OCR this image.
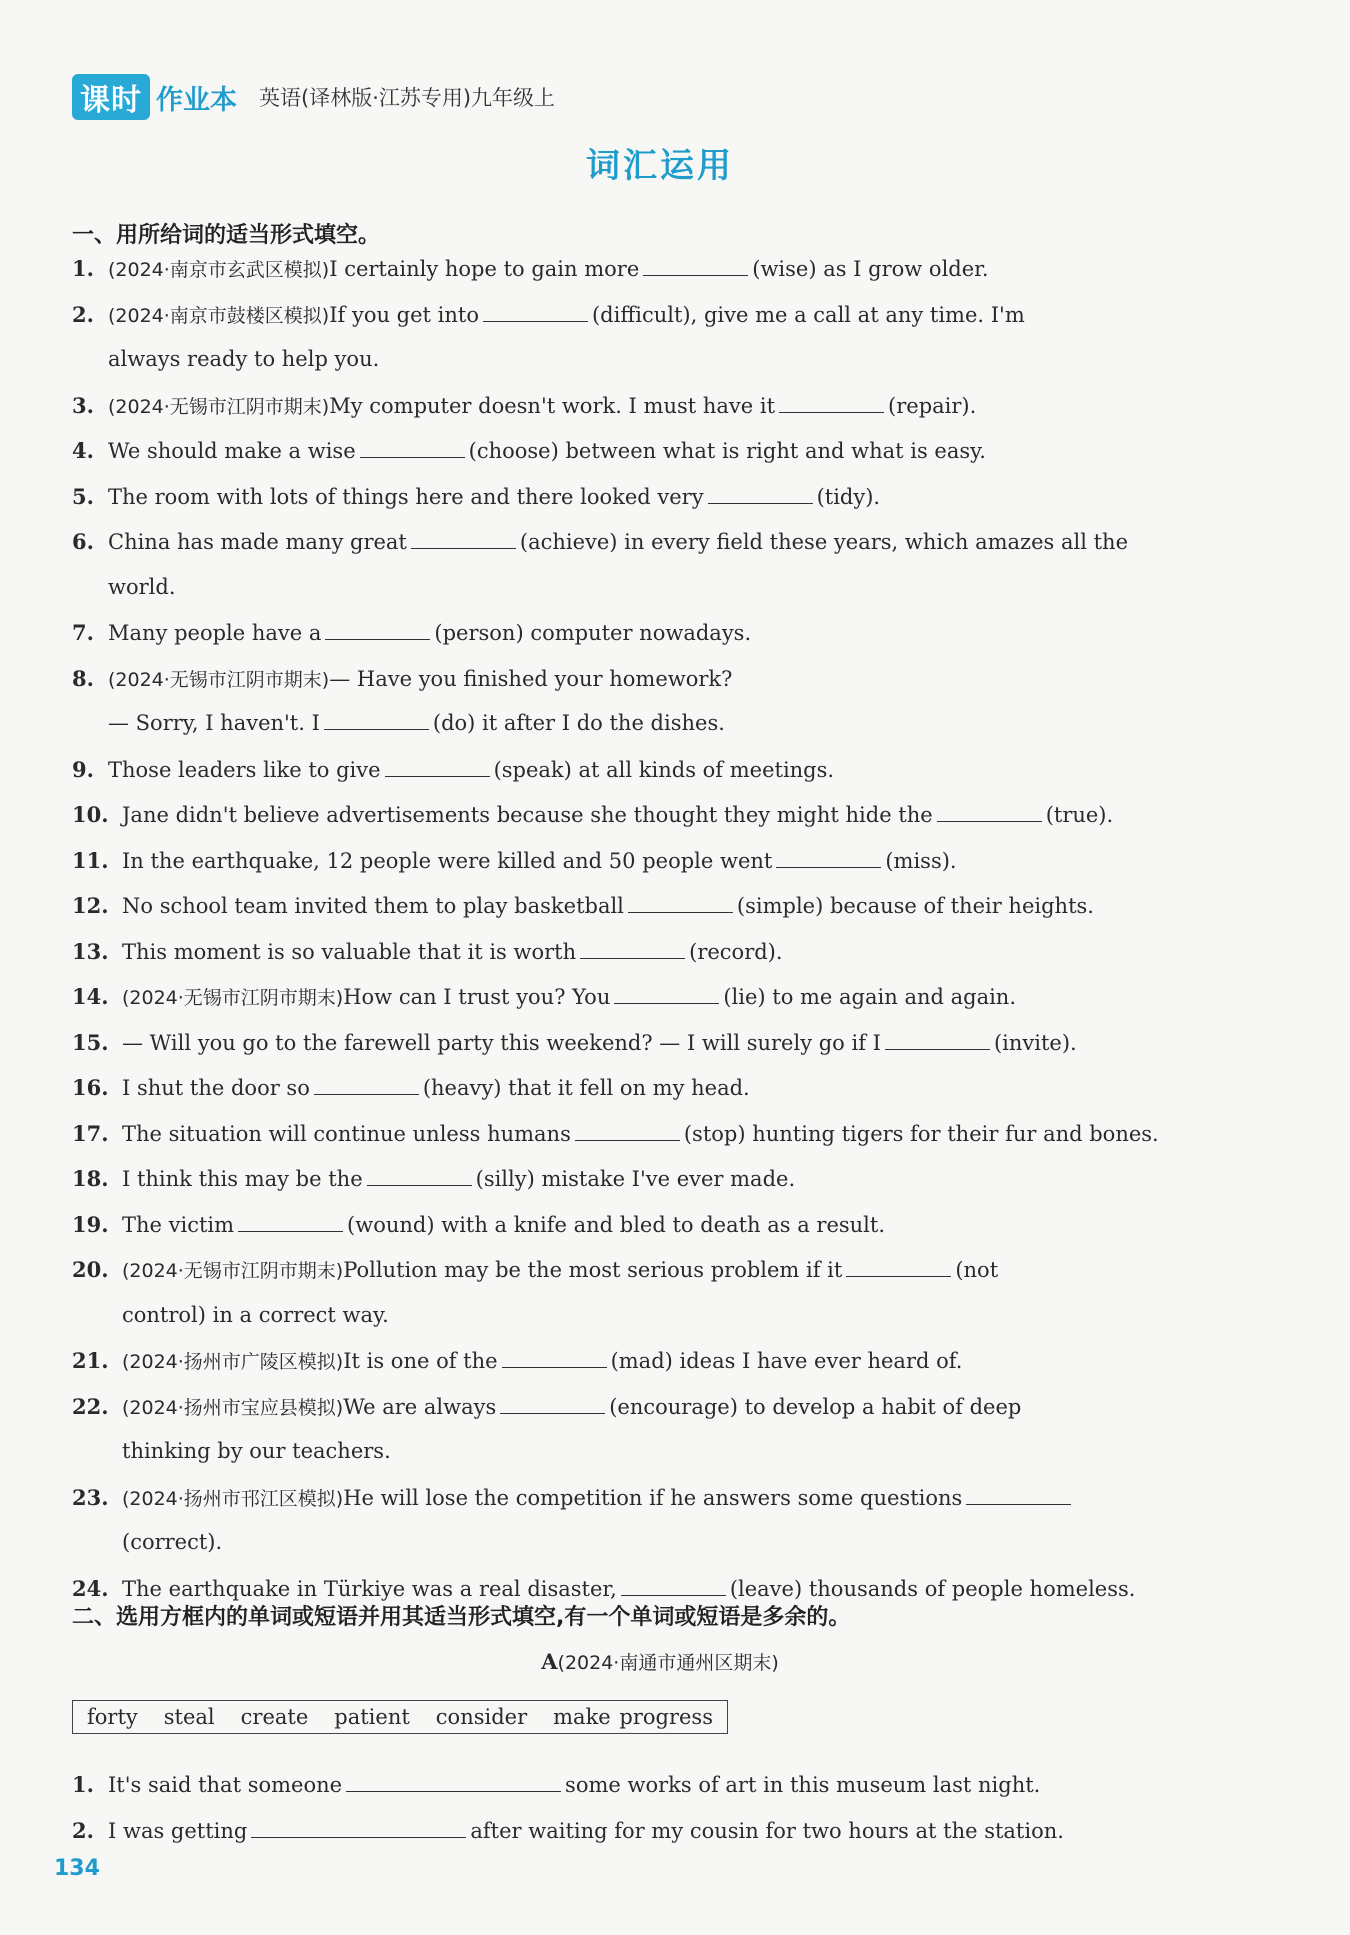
课时 作业本 英语(译林版·江苏专用)九年级上
词汇运用
一、用所给词的适当形式填空。
1. (2024·南京市玄武区模拟)I certainly hope to gain more	(wise) as I grow older.
2. (2024·南京市鼓楼区模拟)If you get into	(difficult), give me a call at any time. I'm
always ready to help you.
3. (2024·无锡市江阴市期末)My computer doesn't work. I must have it	(repair).
4. We should make a wise	(choose) between what is right and what is easy.
5. The room with lots of things here and there looked very	(tidy).
6. China has made many great	(achieve) in every field these years, which amazes all the
world.
7. Many people have a	(person) computer nowadays.
8. (2024·无锡市江阴市期末)— Have you finished your homework?
— Sorry, I haven't. I	(do) it after I do the dishes.
9. Those leaders like to give	(speak) at all kinds of meetings.
10. Jane didn't believe advertisements because she thought they might hide the	(true).
11. In the earthquake, 12 people were killed and 50 people went	(miss).
12. No school team invited them to play basketball	(simple) because of their heights.
13. This moment is so valuable that it is worth	(record).
14. (2024·无锡市江阴市期末)How can I trust you? You	(lie) to me again and again.
15. — Will you go to the farewell party this weekend? — I will surely go if I	(invite).
16. I shut the door so	(heavy) that it fell on my head.
17. The situation will continue unless humans	(stop) hunting tigers for their fur and bones.
18. I think this may be the	(silly) mistake I've ever made.
19. The victim	(wound) with a knife and bled to death as a result.
20. (2024·无锡市江阴市期末)Pollution may be the most serious problem if it	(not
control) in a correct way.
21. (2024·扬州市广陵区模拟)It is one of the	(mad) ideas I have ever heard of.
22. (2024·扬州市宝应县模拟)We are always	(encourage) to develop a habit of deep
thinking by our teachers.
23. (2024·扬州市邗江区模拟)He will lose the competition if he answers some questions
(correct).
24. The earthquake in Türkiye was a real disaster,	(leave) thousands of people homeless.
二、选用方框内的单词或短语并用其适当形式填空,有一个单词或短语是多余的。
A(2024·南通市通州区期末)
forty steal create patient consider make progress
1. It's said that someone	some works of art in this museum last night.
2. I was getting	after waiting for my cousin for two hours at the station.
134
